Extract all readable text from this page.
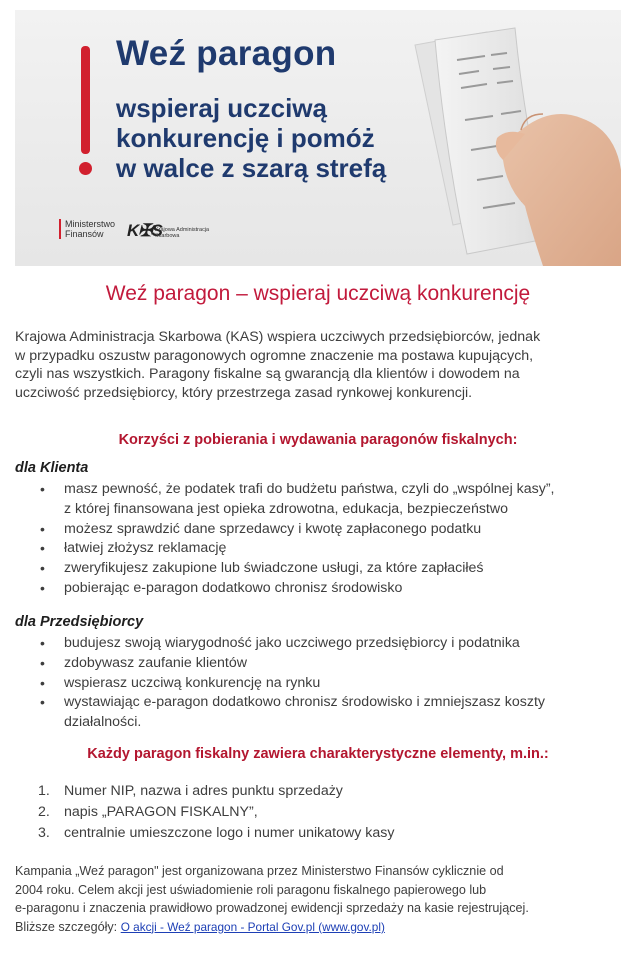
Weź paragon
wspieraj uczciwą
konkurencję i pomóż
w walce z szarą strefą
Ministerstwo
Finansów	K✠S
Krajowa Administracja
Skarbowa
Weź paragon – wspieraj uczciwą konkurencję
Krajowa Administracja Skarbowa (KAS) wspiera uczciwych przedsiębiorców, jednak
w przypadku oszustw paragonowych ogromne znaczenie ma postawa kupujących,
czyli nas wszystkich. Paragony fiskalne są gwarancją dla klientów i dowodem na
uczciwość przedsiębiorcy, który przestrzega zasad rynkowej konkurencji.
Korzyści z pobierania i wydawania paragonów fiskalnych:
dla Klienta
• masz pewność, że podatek trafi do budżetu państwa, czyli do „wspólnej kasy”,
z której finansowana jest opieka zdrowotna, edukacja, bezpieczeństwo
• możesz sprawdzić dane sprzedawcy i kwotę zapłaconego podatku
• łatwiej złożysz reklamację
• zweryfikujesz zakupione lub świadczone usługi, za które zapłaciłeś
• pobierając e-paragon dodatkowo chronisz środowisko
dla Przedsiębiorcy
• budujesz swoją wiarygodność jako uczciwego przedsiębiorcy i podatnika
• zdobywasz zaufanie klientów
• wspierasz uczciwą konkurencję na rynku
• wystawiając e-paragon dodatkowo chronisz środowisko i zmniejszasz koszty
działalności.
Każdy paragon fiskalny zawiera charakterystyczne elementy, m.in.:
1. Numer NIP, nazwa i adres punktu sprzedaży
2. napis „PARAGON FISKALNY”,
3. centralnie umieszczone logo i numer unikatowy kasy
Kampania „Weź paragon" jest organizowana przez Ministerstwo Finansów cyklicznie od
2004 roku. Celem akcji jest uświadomienie roli paragonu fiskalnego papierowego lub
e-paragonu i znaczenia prawidłowo prowadzonej ewidencji sprzedaży na kasie rejestrującej.
Bliższe szczegóły: O akcji - Weź paragon - Portal Gov.pl (www.gov.pl)
